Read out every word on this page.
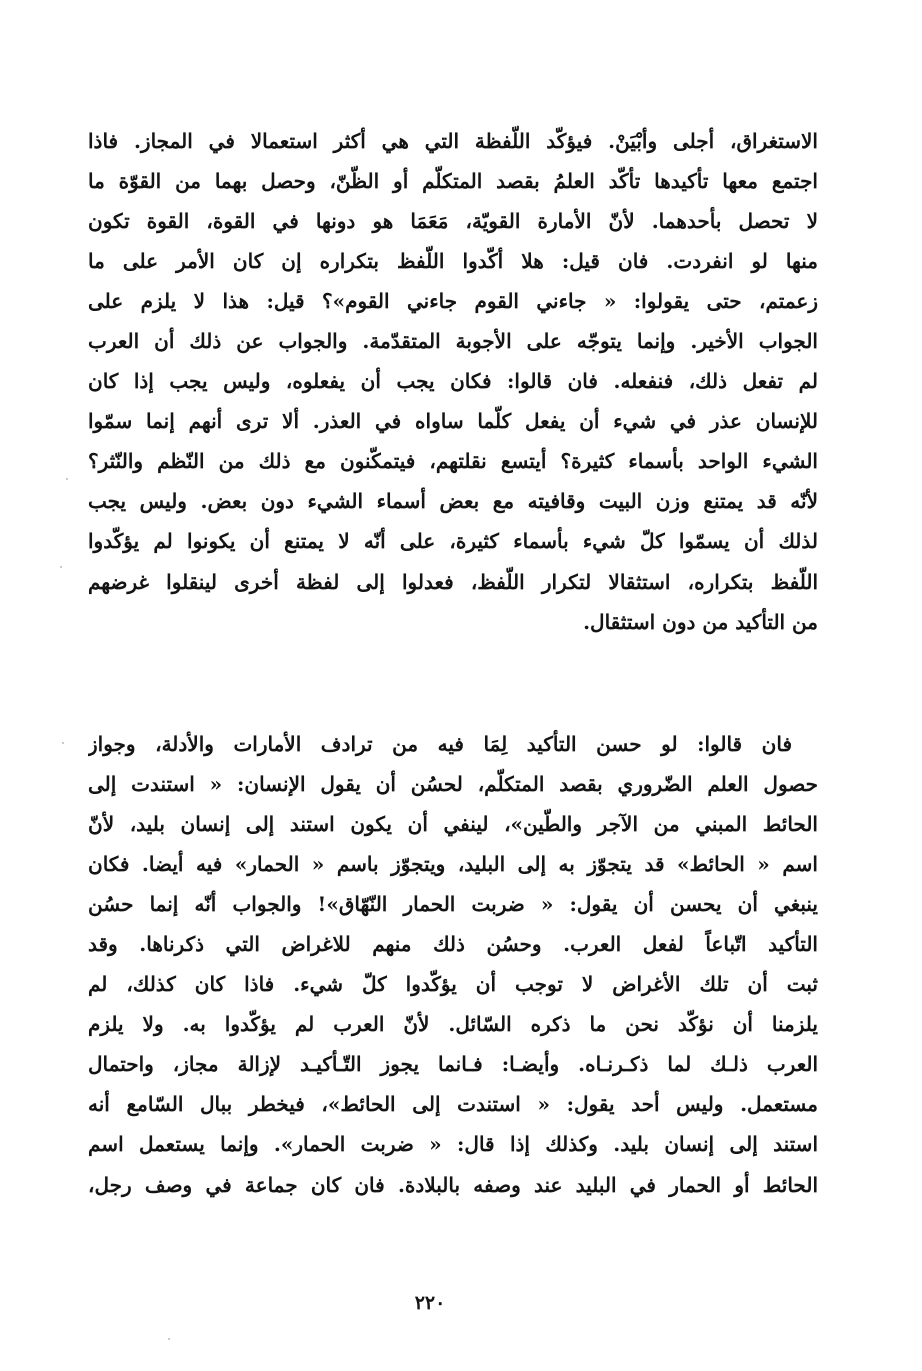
الاستغراق، أجلى وأبْيَنْ. فيؤكّد اللّفظة التي هي أكثر استعمالا في المجاز. فاذا
اجتمع معها تأكيدها تأكّد العلمُ بقصد المتكلّم أو الظّنّ، وحصل بهما من القوّة ما
لا تحصل بأحدهما. لأنّ الأمارة القويّة، مَعَمَا هو دونها في القوة، القوة تكون
منها لو انفردت. فان قيل: هلا أكّدوا اللّفظ بتكراره إن كان الأمر على ما
زعمتم، حتى يقولوا: « جاءني القوم جاءني القوم»؟ قيل: هذا لا يلزم على
الجواب الأخير. وإنما يتوجّه على الأجوبة المتقدّمة. والجواب عن ذلك أن العرب
لم تفعل ذلك، فنفعله. فان قالوا: فكان يجب أن يفعلوه، وليس يجب إذا كان
للإنسان عذر في شيء أن يفعل كلّما ساواه في العذر. ألا ترى أنهم إنما سمّوا
الشيء الواحد بأسماء كثيرة؟ أيتسع نقلتهم، فيتمكّنون مع ذلك من النّظم والنّثر؟
لأنّه قد يمتنع وزن البيت وقافيته مع بعض أسماء الشيء دون بعض. وليس يجب
لذلك أن يسمّوا كلّ شيء بأسماء كثيرة، على أنّه لا يمتنع أن يكونوا لم يؤكّدوا
اللّفظ بتكراره، استثقالا لتكرار اللّفظ، فعدلوا إلى لفظة أخرى لينقلوا غرضهم
من التأكيد من دون استثقال.
فان قالوا: لو حسن التأكيد لِمَا فيه من ترادف الأمارات والأدلة، وجواز
حصول العلم الضّروري بقصد المتكلّم، لحسُن أن يقول الإنسان: « استندت إلى
الحائط المبني من الآجر والطّين»، لينفي أن يكون استند إلى إنسان بليد، لأنّ
اسم « الحائط» قد يتجوّز به إلى البليد، ويتجوّز باسم « الحمار» فيه أيضا. فكان
ينبغي أن يحسن أن يقول: « ضربت الحمار النّهّاق»! والجواب أنّه إنما حسُن
التأكيد اتّباعاً لفعل العرب. وحسُن ذلك منهم للاغراض التي ذكرناها. وقد
ثبت أن تلك الأغراض لا توجب أن يؤكّدوا كلّ شيء. فاذا كان كذلك، لم
يلزمنا أن نؤكّد نحن ما ذكره السّائل. لأنّ العرب لم يؤكّدوا به. ولا يلزم
العرب ذلـك لما ذكـرنـاه. وأيضـا: فـانما يجوز التّـأكيـد لإزالة مجاز، واحتمال
مستعمل. وليس أحد يقول: « استندت إلى الحائط»، فيخطر ببال السّامع أنه
استند إلى إنسان بليد. وكذلك إذا قال: « ضربت الحمار». وإنما يستعمل اسم
الحائط أو الحمار في البليد عند وصفه بالبلادة. فان كان جماعة في وصف رجل،
٢٢٠
